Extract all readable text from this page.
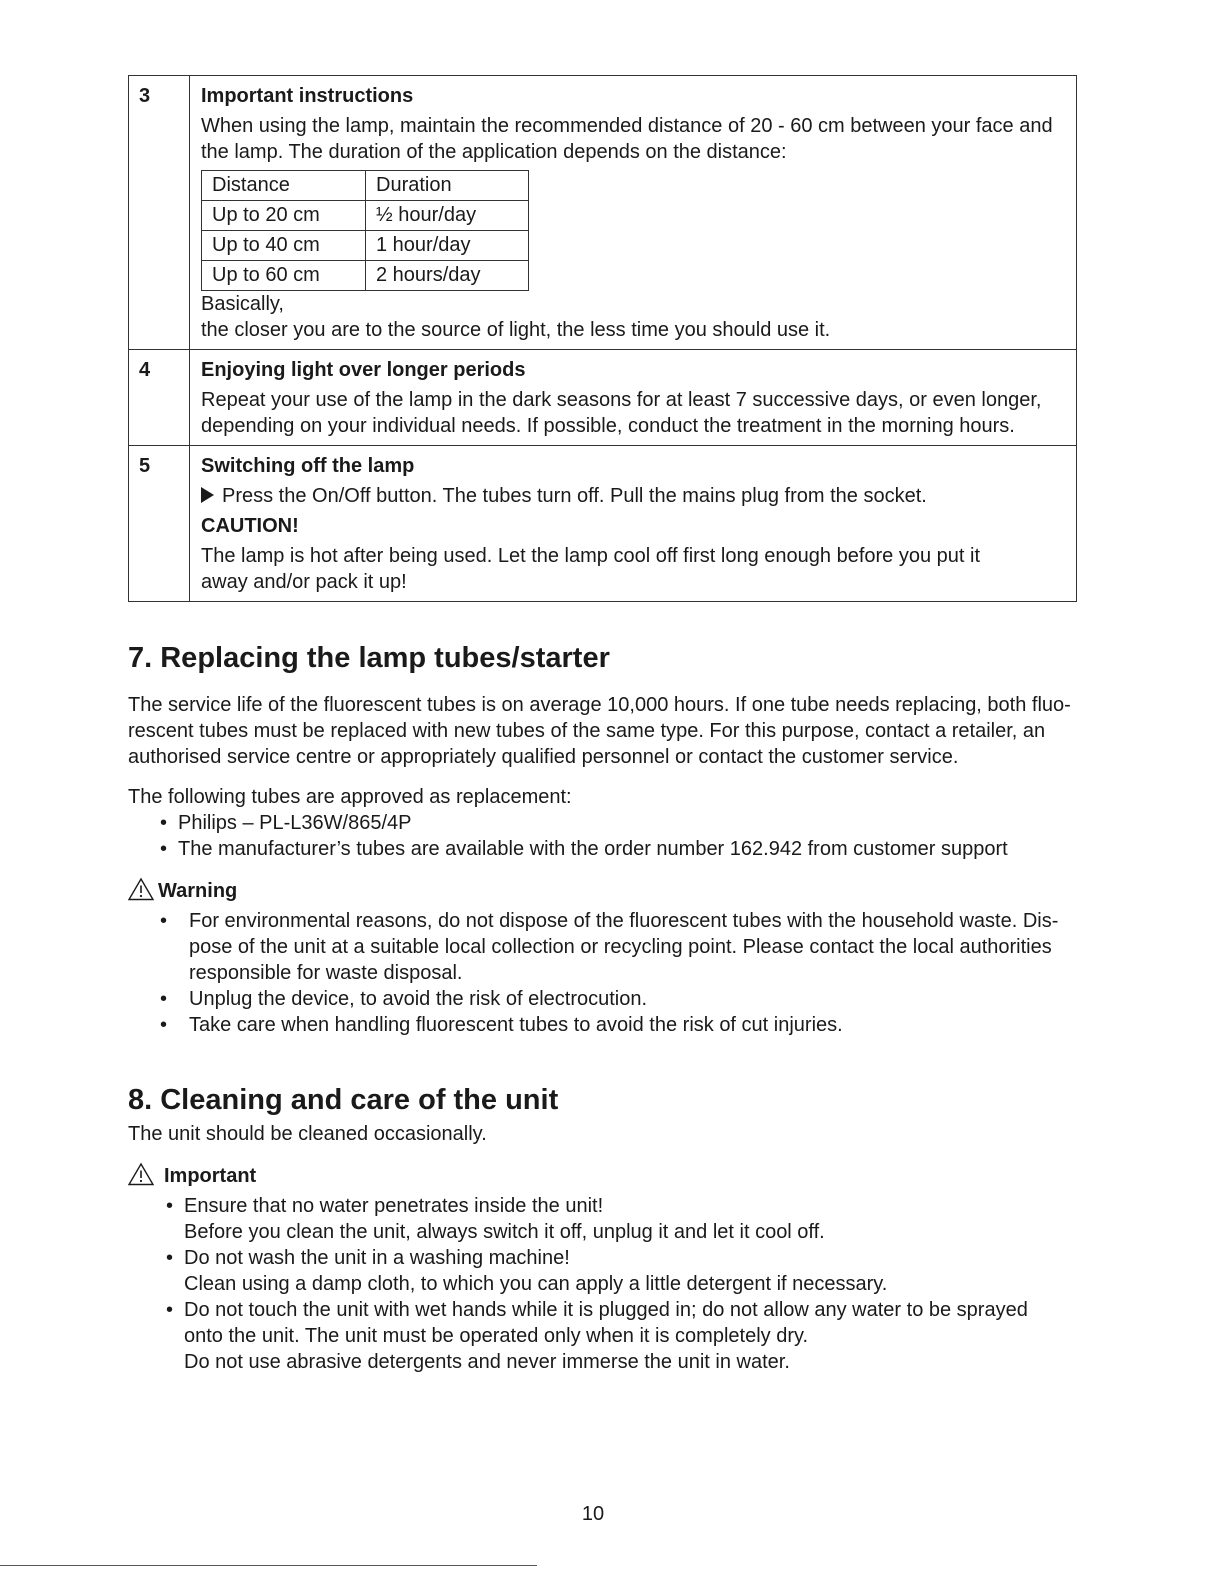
3	Important instructions

When using the lamp, maintain the recommended distance of 20 - 60 cm between your face and the lamp. The duration of the application depends on the distance:

Distance	Duration
Up to 20 cm	½ hour/day
Up to 40 cm	1 hour/day
Up to 60 cm	2 hours/day

Basically,

the closer you are to the source of light, the less time you should use it.

4	Enjoying light over longer periods

Repeat your use of the lamp in the dark seasons for at least 7 successive days, or even longer, depending on your individual needs. If possible, conduct the treatment in the morning hours.

5	Switching off the lamp

Press the On/Off button. The tubes turn off. Pull the mains plug from the socket.

CAUTION!

The lamp is hot after being used. Let the lamp cool off first long enough before you put it

away and/or pack it up!

7. Replacing the lamp tubes/starter

The service life of the fluorescent tubes is on average 10,000 hours. If one tube needs replacing, both fluo-

rescent tubes must be replaced with new tubes of the same type. For this purpose, contact a retailer, an

authorised service centre or appropriately qualified personnel or contact the customer service.

The following tubes are approved as replacement:

• Philips – PL-L36W/865/4P
• The manufacturer’s tubes are available with the order number 162.942 from customer support
Warning
• For environmental reasons, do not dispose of the fluorescent tubes with the household waste. Dis-
pose of the unit at a suitable local collection or recycling point. Please contact the local authorities
responsible for waste disposal.
• Unplug the device, to avoid the risk of electrocution.
• Take care when handling fluorescent tubes to avoid the risk of cut injuries.
8. Cleaning and care of the unit

The unit should be cleaned occasionally.

Important
• Ensure that no water penetrates inside the unit!
Before you clean the unit, always switch it off, unplug it and let it cool off.
• Do not wash the unit in a washing machine!
Clean using a damp cloth, to which you can apply a little detergent if necessary.
• Do not touch the unit with wet hands while it is plugged in; do not allow any water to be sprayed
onto the unit. The unit must be operated only when it is completely dry.
Do not use abrasive detergents and never immerse the unit in water.
10
